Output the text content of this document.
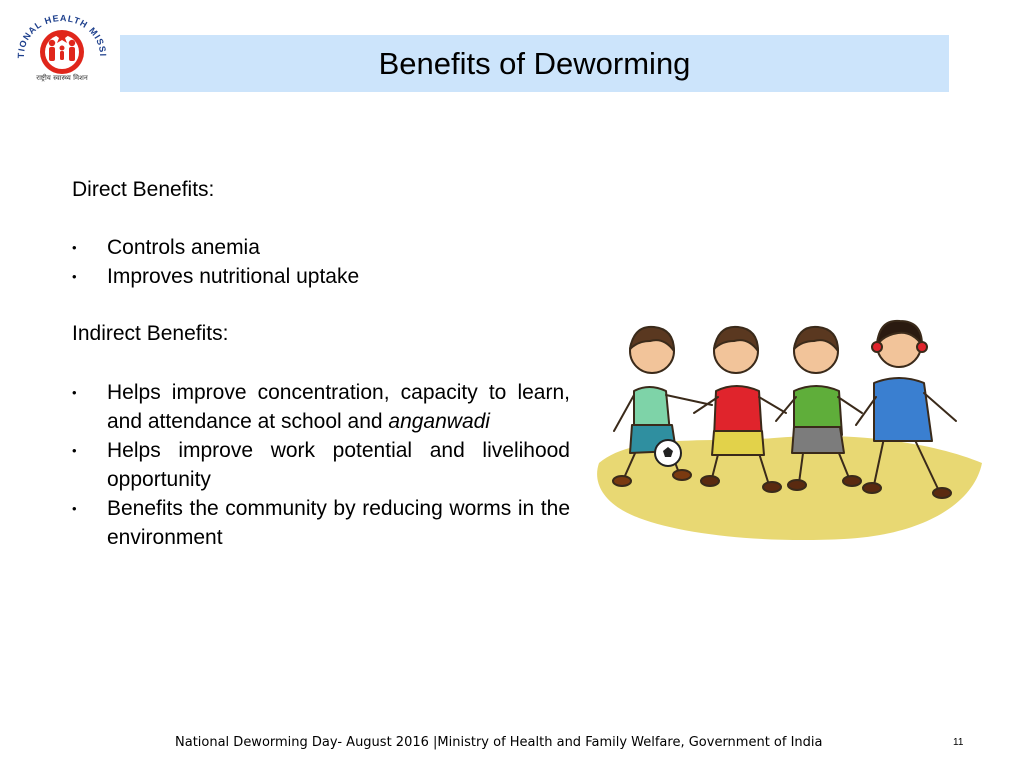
TIONAL HEALTH MISSI
राष्ट्रीय स्वास्थ्य मिशन	Benefits of Deworming
Direct Benefits:
• Controls anemia
• Improves nutritional uptake
Indirect Benefits:
• Helps improve concentration, capacity to learn, and attendance at school and anganwadi
• Helps improve work potential and livelihood opportunity
• Benefits the community by reducing worms in the environment
National Deworming Day- August 2016 |Ministry of Health and Family Welfare, Government of India	11
